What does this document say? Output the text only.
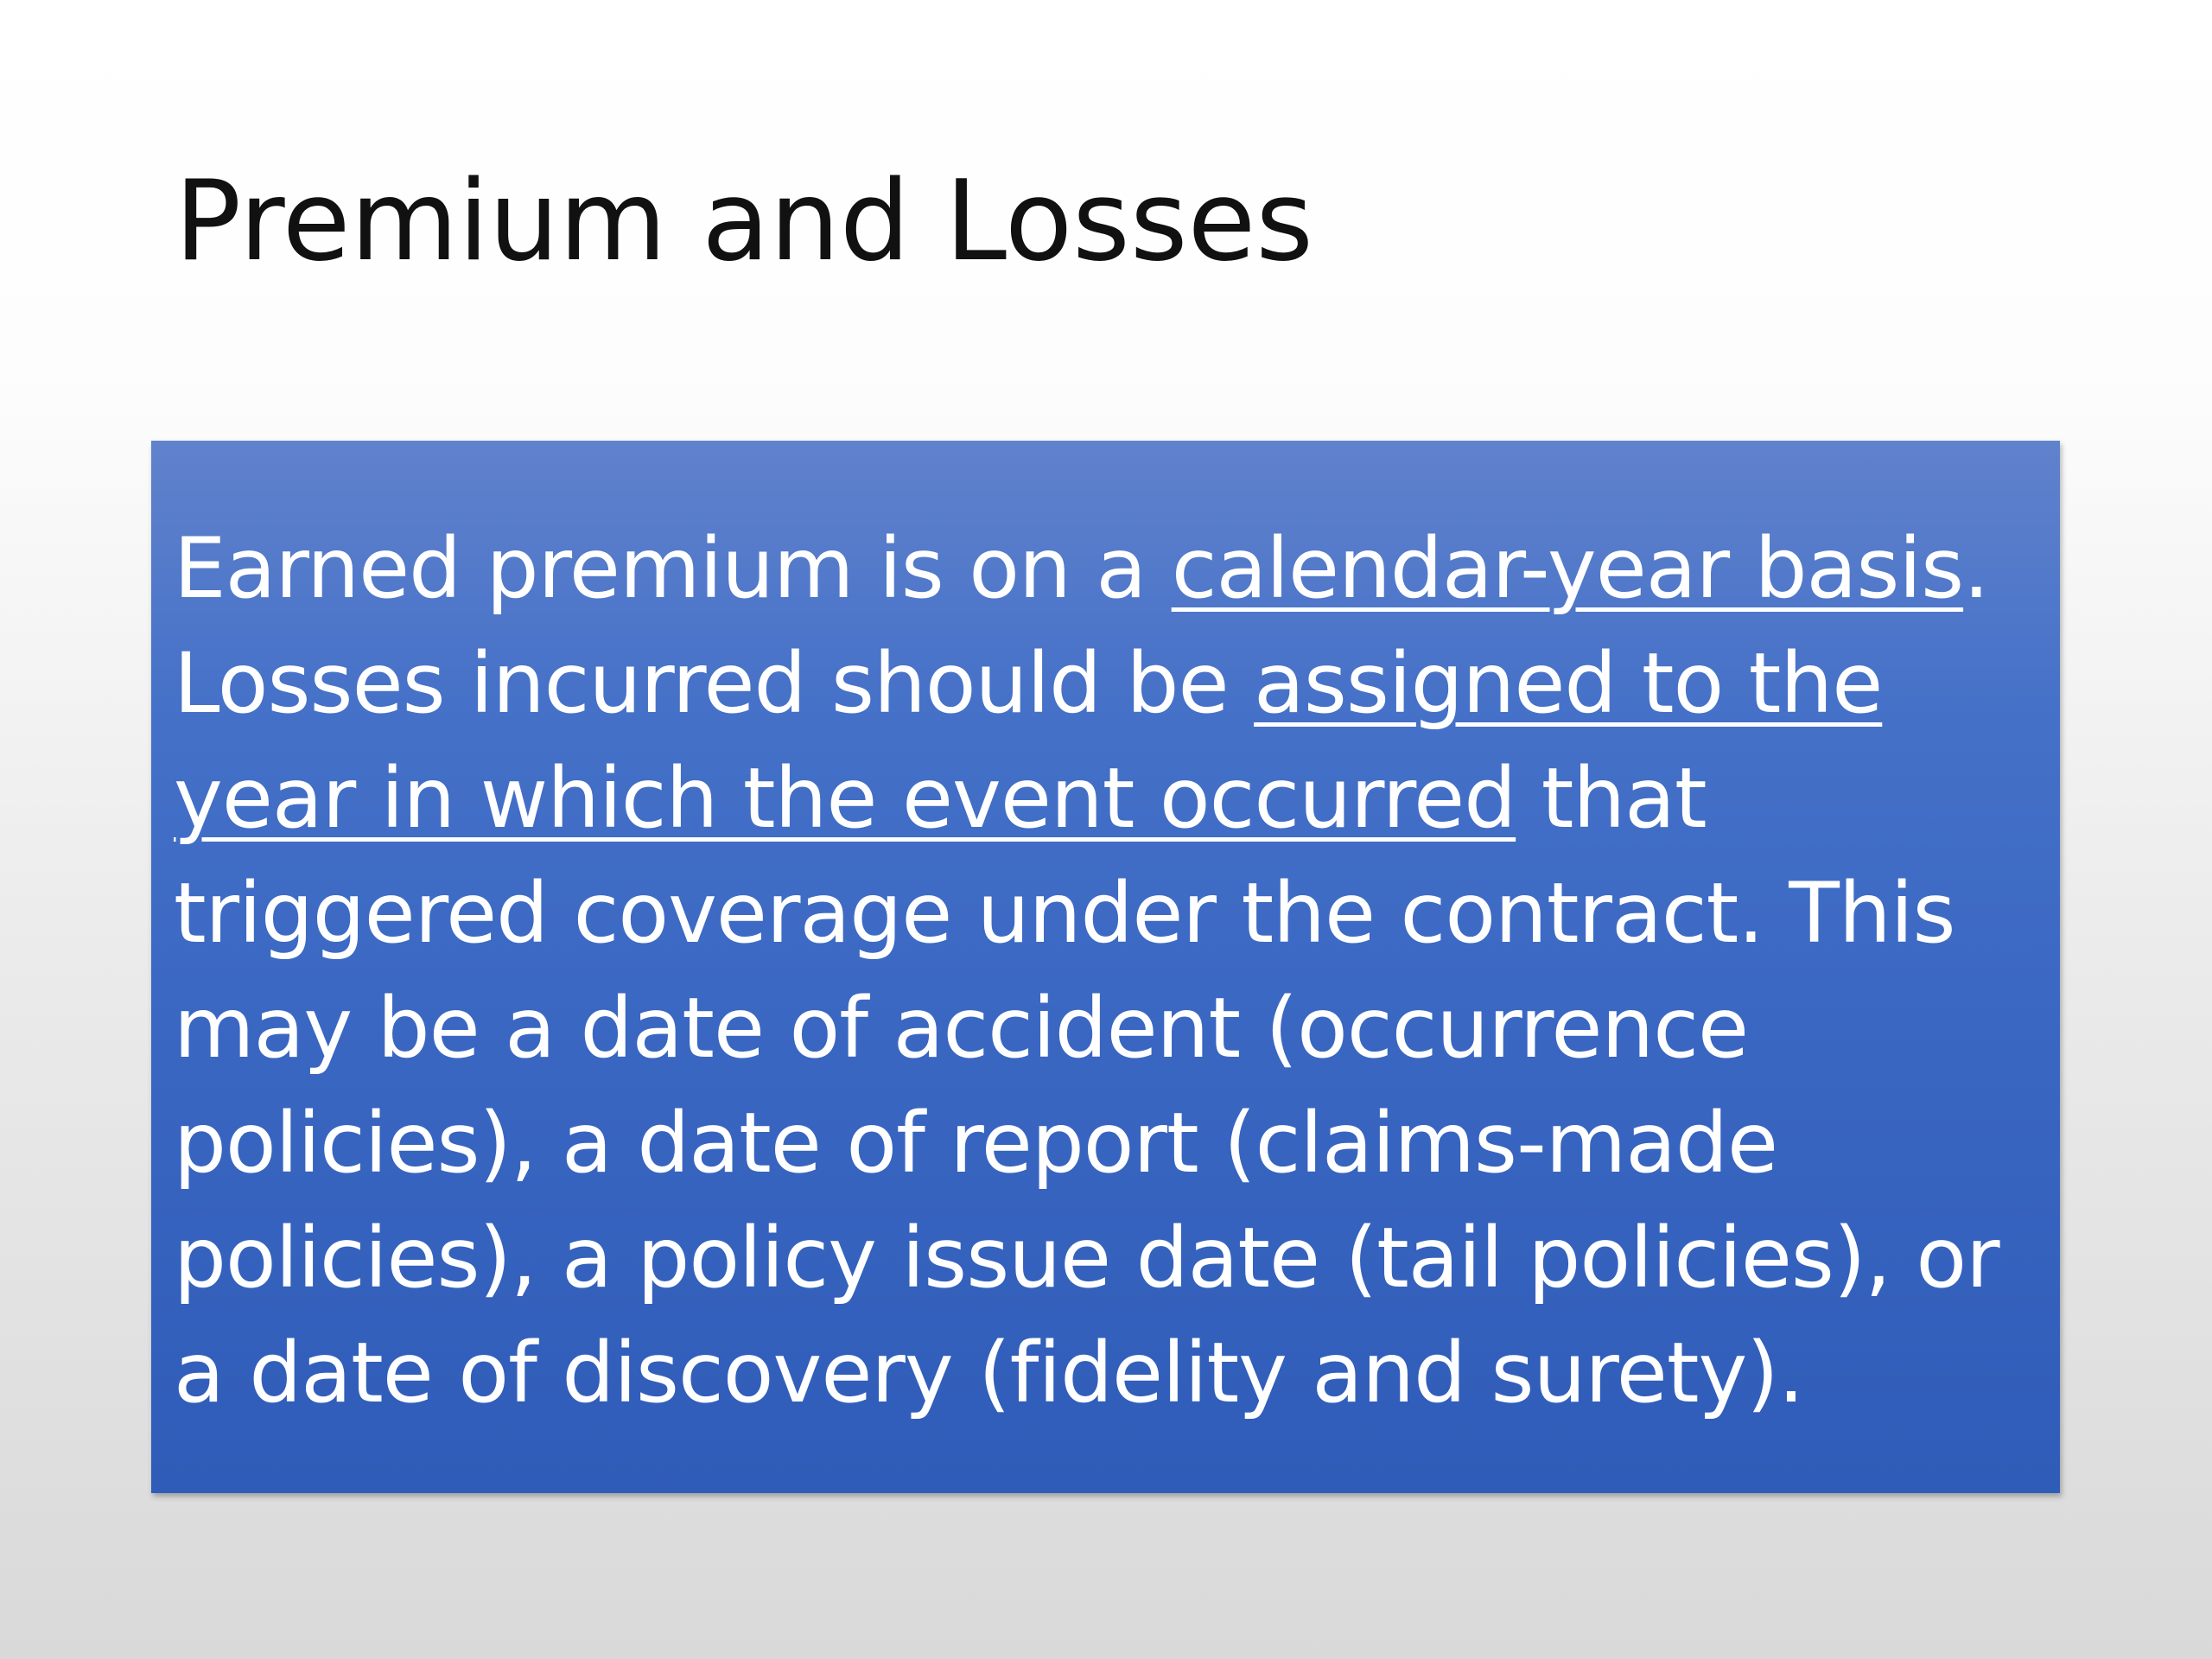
Premium and Losses

Earned premium is on a calendar-year basis. Losses incurred should be assigned to the year in which the event occurred that triggered coverage under the contract. This may be a date of accident (occurrence policies), a date of report (claims-made policies), a policy issue date (tail policies), or a date of discovery (fidelity and surety).
